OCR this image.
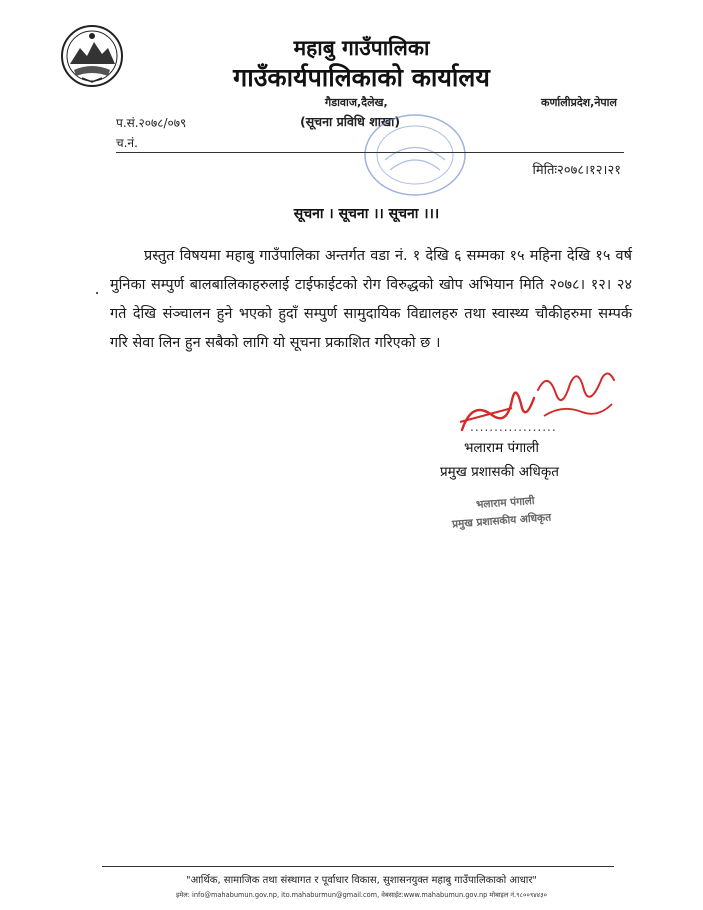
महाबु गाउँपालिका
गाउँकार्यपालिकाको कार्यालय
गैडावाज,दैलेख,	कर्णालीप्रदेश,नेपाल
प.सं.२०७८/०७९
च.नं.
(सूचना प्रविधि शाखा)
मितिः२०७८।१२।२१
सूचना । सूचना ।। सूचना ।।।
प्रस्तुत विषयमा महाबु गाउँपालिका अन्तर्गत वडा नं. १ देखि ६ सम्मका १५ महिना देखि १५ वर्ष मुनिका सम्पुर्ण बालबालिकाहरुलाई टाईफाईटको रोग विरुद्धको खोप अभियान मिति २०७८। १२। २४ गते देखि संञ्चालन हुने भएको हुदाँ सम्पुर्ण सामुदायिक विद्यालहरु तथा स्वास्थ्य चौकीहरुमा सम्पर्क गरि सेवा लिन हुन सबैको लागि यो सूचना प्रकाशित गरिएको छ ।
..................
भलाराम पंगाली
प्रमुख प्रशासकी अधिकृत
भलाराम पंगाली
प्रमुख प्रशासकीय अधिकृत
"आर्थिक, सामाजिक तथा संस्थागत र पूर्वाधार विकास, सुशासनयुक्त महाबु गाउँपालिकाको आधार"
इमेल: info@mahabumun.gov.np, ito.mahaburmun@gmail.com, वेबसाईट:www.mahabumun.gov.np मोबाइल नं.९८००९४४३०
